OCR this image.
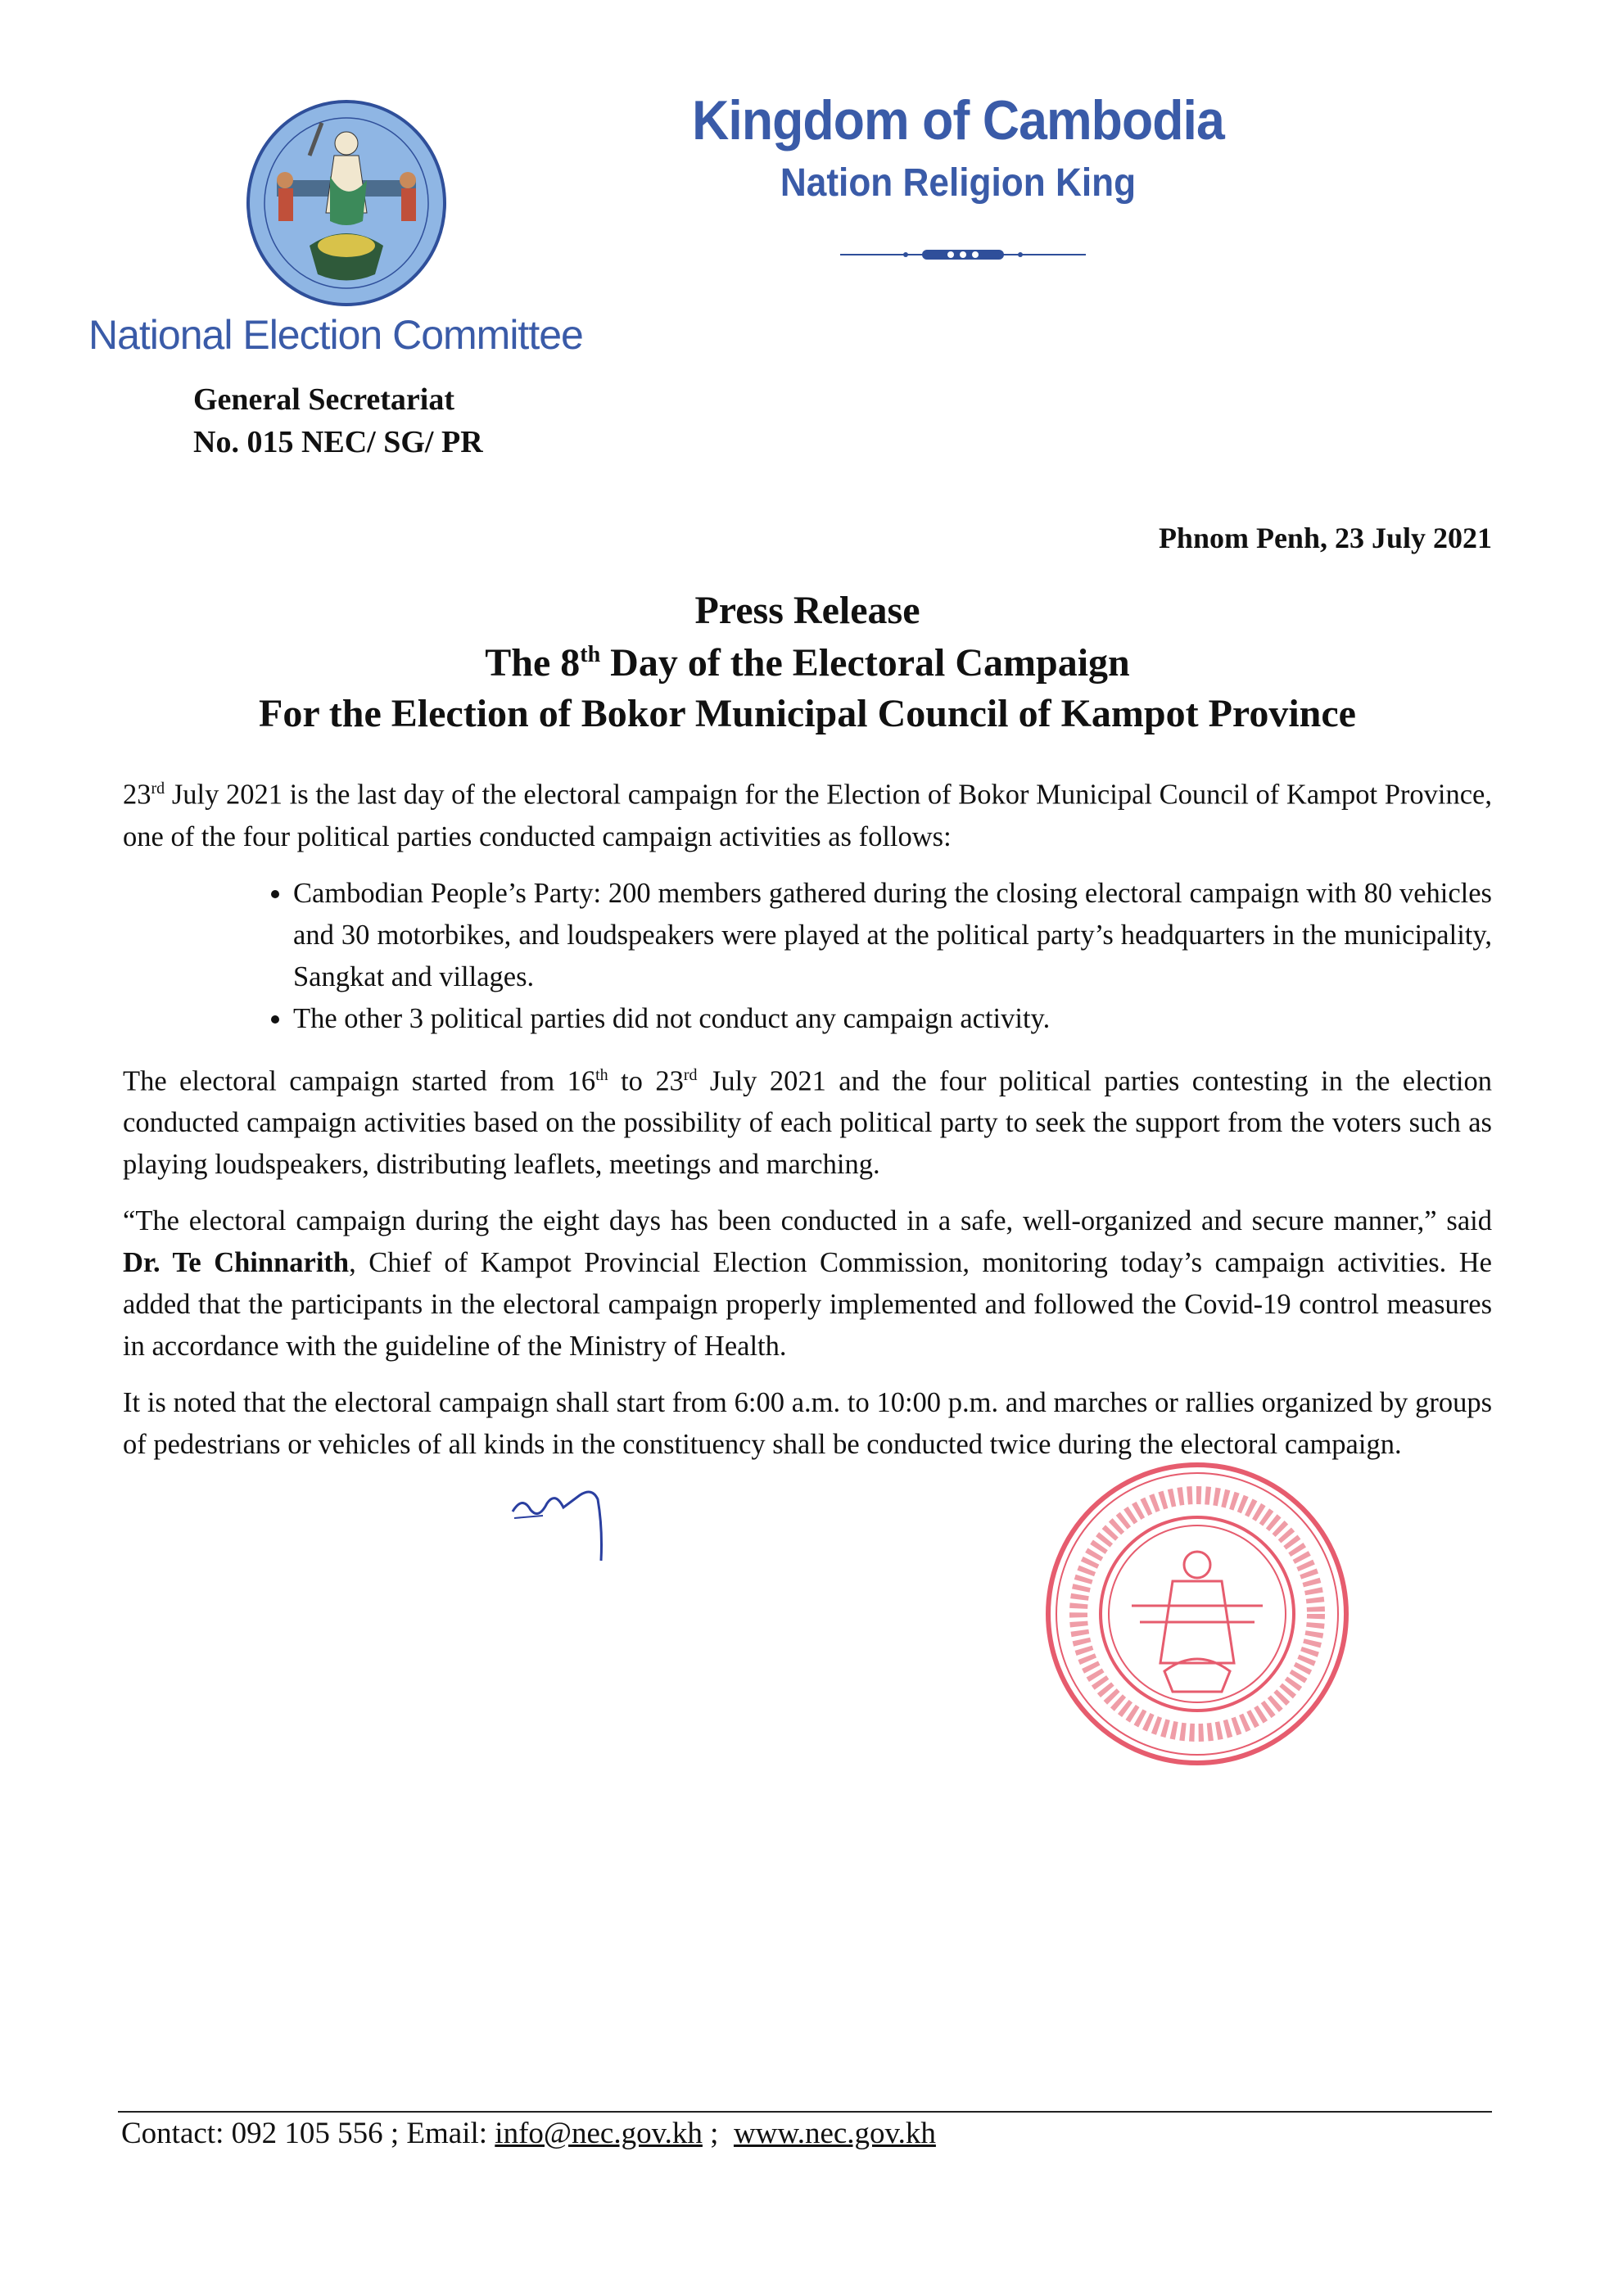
Kingdom of Cambodia
Nation Religion King
National Election Committee
General Secretariat
No. 015 NEC/ SG/ PR
Phnom Penh, 23 July 2021
Press Release
The 8th Day of the Electoral Campaign
For the Election of Bokor Municipal Council of Kampot Province

23rd July 2021 is the last day of the electoral campaign for the Election of Bokor Municipal Council of Kampot Province, one of the four political parties conducted campaign activities as follows:

• Cambodian People’s Party: 200 members gathered during the closing electoral campaign with 80 vehicles and 30 motorbikes, and loudspeakers were played at the political party’s headquarters in the municipality, Sangkat and villages.
• The other 3 political parties did not conduct any campaign activity.

The electoral campaign started from 16th to 23rd July 2021 and the four political parties contesting in the election conducted campaign activities based on the possibility of each political party to seek the support from the voters such as playing loudspeakers, distributing leaflets, meetings and marching.

“The electoral campaign during the eight days has been conducted in a safe, well-organized and secure manner,” said Dr. Te Chinnarith, Chief of Kampot Provincial Election Commission, monitoring today’s campaign activities. He added that the participants in the electoral campaign properly implemented and followed the Covid-19 control measures in accordance with the guideline of the Ministry of Health.

It is noted that the electoral campaign shall start from 6:00 a.m. to 10:00 p.m. and marches or rallies organized by groups of pedestrians or vehicles of all kinds in the constituency shall be conducted twice during the electoral campaign.

Contact: 092 105 556 ; Email: info@nec.gov.kh ;  www.nec.gov.kh
